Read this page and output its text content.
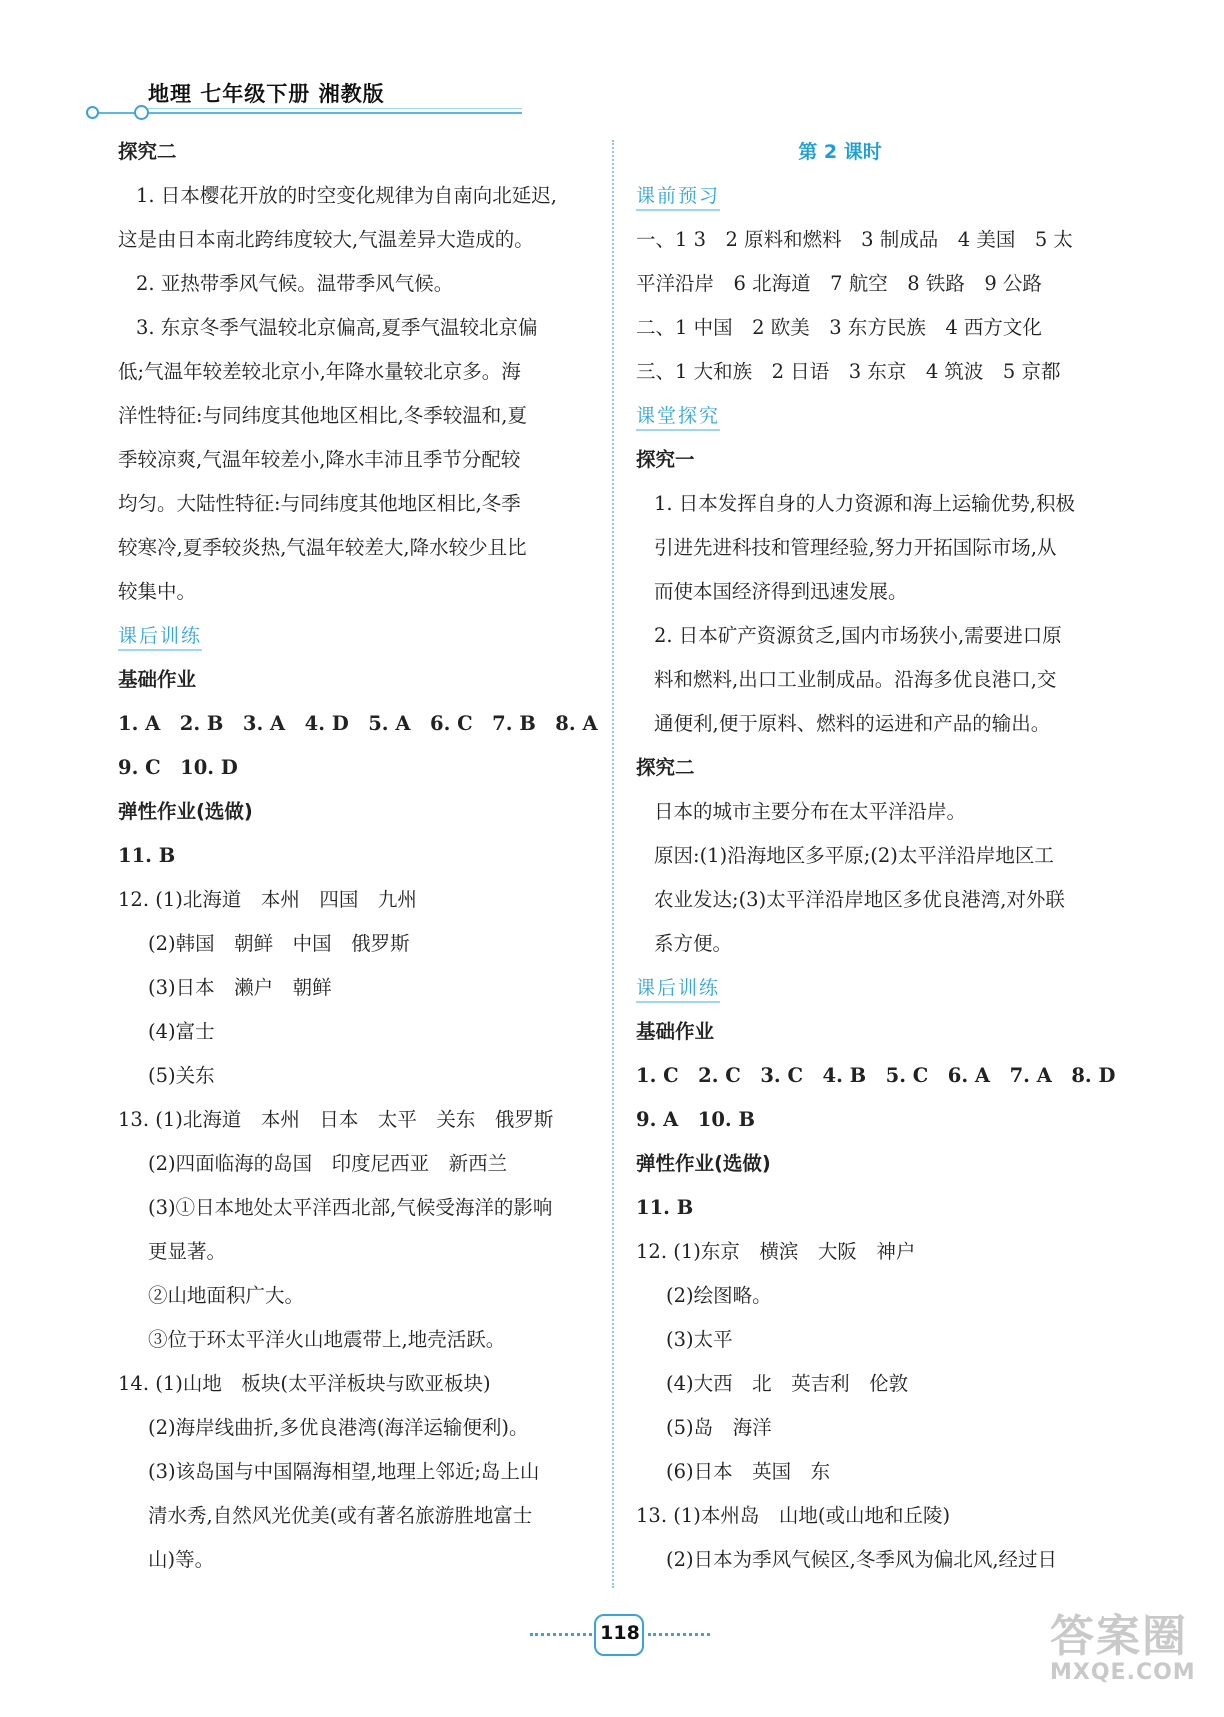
地理 七年级下册 湘教版
探究二
1. 日本樱花开放的时空变化规律为自南向北延迟,
这是由日本南北跨纬度较大,气温差异大造成的。
2. 亚热带季风气候。温带季风气候。
3. 东京冬季气温较北京偏高,夏季气温较北京偏
低;气温年较差较北京小,年降水量较北京多。海
洋性特征:与同纬度其他地区相比,冬季较温和,夏
季较凉爽,气温年较差小,降水丰沛且季节分配较
均匀。大陆性特征:与同纬度其他地区相比,冬季
较寒冷,夏季较炎热,气温年较差大,降水较少且比
较集中。
课后训练
基础作业
1. A　2. B　3. A　4. D　5. A　6. C　7. B　8. A
9. C　10. D
弹性作业(选做)
11. B
12. (1)北海道　本州　四国　九州
(2)韩国　朝鲜　中国　俄罗斯
(3)日本　濑户　朝鲜
(4)富士
(5)关东
13. (1)北海道　本州　日本　太平　关东　俄罗斯
(2)四面临海的岛国　印度尼西亚　新西兰
(3)①日本地处太平洋西北部,气候受海洋的影响
更显著。
②山地面积广大。
③位于环太平洋火山地震带上,地壳活跃。
14. (1)山地　板块(太平洋板块与欧亚板块)
(2)海岸线曲折,多优良港湾(海洋运输便利)。
(3)该岛国与中国隔海相望,地理上邻近;岛上山
清水秀,自然风光优美(或有著名旅游胜地富士
山)等。
第 2 课时
课前预习
一、1 3　2 原料和燃料　3 制成品　4 美国　5 太
平洋沿岸　6 北海道　7 航空　8 铁路　9 公路
二、1 中国　2 欧美　3 东方民族　4 西方文化
三、1 大和族　2 日语　3 东京　4 筑波　5 京都
课堂探究
探究一
1. 日本发挥自身的人力资源和海上运输优势,积极
引进先进科技和管理经验,努力开拓国际市场,从
而使本国经济得到迅速发展。
2. 日本矿产资源贫乏,国内市场狭小,需要进口原
料和燃料,出口工业制成品。沿海多优良港口,交
通便利,便于原料、燃料的运进和产品的输出。
探究二
日本的城市主要分布在太平洋沿岸。
原因:(1)沿海地区多平原;(2)太平洋沿岸地区工
农业发达;(3)太平洋沿岸地区多优良港湾,对外联
系方便。
课后训练
基础作业
1. C　2. C　3. C　4. B　5. C　6. A　7. A　8. D
9. A　10. B
弹性作业(选做)
11. B
12. (1)东京　横滨　大阪　神户
(2)绘图略。
(3)太平
(4)大西　北　英吉利　伦敦
(5)岛　海洋
(6)日本　英国　东
13. (1)本州岛　山地(或山地和丘陵)
(2)日本为季风气候区,冬季风为偏北风,经过日
118	答案圈
MXQE.COM
